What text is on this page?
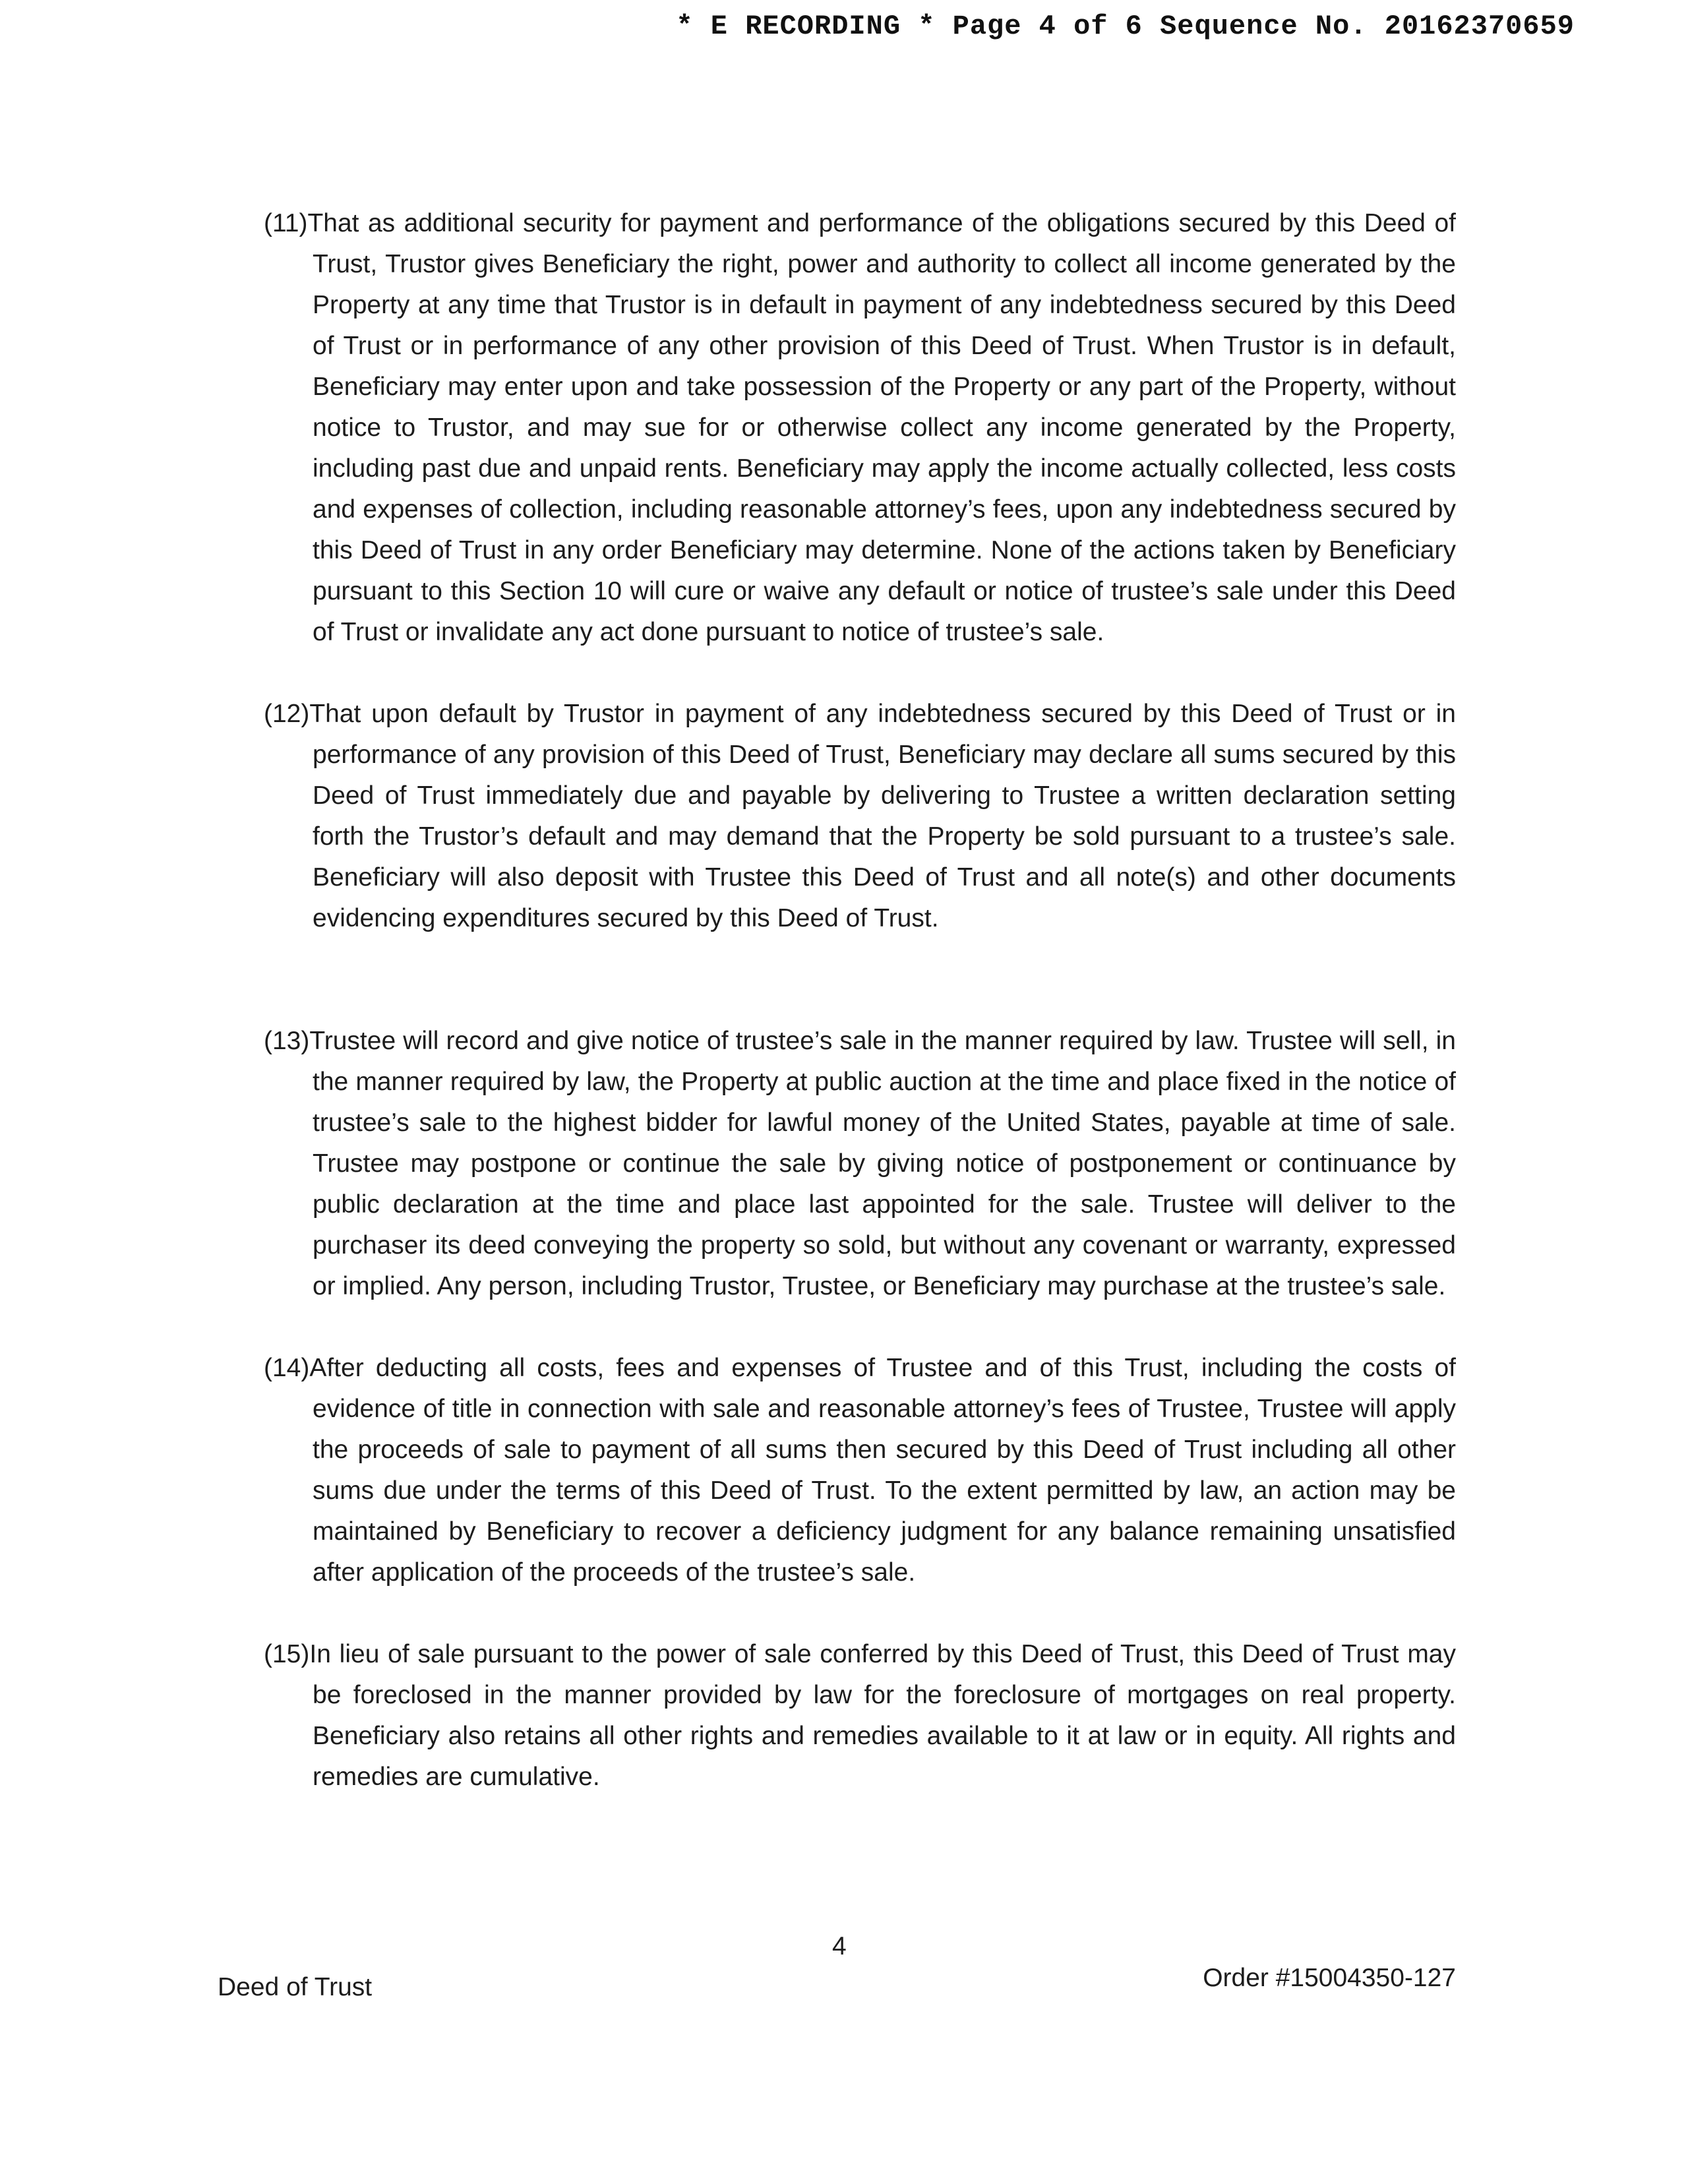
* E RECORDING * Page 4 of 6 Sequence No. 20162370659

(11)That as additional security for payment and performance of the obligations secured by this Deed of Trust, Trustor gives Beneficiary the right, power and authority to collect all income generated by the Property at any time that Trustor is in default in payment of any indebtedness secured by this Deed of Trust or in performance of any other provision of this Deed of Trust. When Trustor is in default, Beneficiary may enter upon and take possession of the Property or any part of the Property, without notice to Trustor, and may sue for or otherwise collect any income generated by the Property, including past due and unpaid rents. Beneficiary may apply the income actually collected, less costs and expenses of collection, including reasonable attorney’s fees, upon any indebtedness secured by this Deed of Trust in any order Beneficiary may determine. None of the actions taken by Beneficiary pursuant to this Section 10 will cure or waive any default or notice of trustee’s sale under this Deed of Trust or invalidate any act done pursuant to notice of trustee’s sale.

(12)That upon default by Trustor in payment of any indebtedness secured by this Deed of Trust or in performance of any provision of this Deed of Trust, Beneficiary may declare all sums secured by this Deed of Trust immediately due and payable by delivering to Trustee a written declaration setting forth the Trustor’s default and may demand that the Property be sold pursuant to a trustee’s sale. Beneficiary will also deposit with Trustee this Deed of Trust and all note(s) and other documents evidencing expenditures secured by this Deed of Trust.

(13)Trustee will record and give notice of trustee’s sale in the manner required by law. Trustee will sell, in the manner required by law, the Property at public auction at the time and place fixed in the notice of trustee’s sale to the highest bidder for lawful money of the United States, payable at time of sale. Trustee may postpone or continue the sale by giving notice of postponement or continuance by public declaration at the time and place last appointed for the sale. Trustee will deliver to the purchaser its deed conveying the property so sold, but without any covenant or warranty, expressed or implied. Any person, including Trustor, Trustee, or Beneficiary may purchase at the trustee’s sale.

(14)After deducting all costs, fees and expenses of Trustee and of this Trust, including the costs of evidence of title in connection with sale and reasonable attorney’s fees of Trustee, Trustee will apply the proceeds of sale to payment of all sums then secured by this Deed of Trust including all other sums due under the terms of this Deed of Trust. To the extent permitted by law, an action may be maintained by Beneficiary to recover a deficiency judgment for any balance remaining unsatisfied after application of the proceeds of the trustee’s sale.

(15)In lieu of sale pursuant to the power of sale conferred by this Deed of Trust, this Deed of Trust may be foreclosed in the manner provided by law for the foreclosure of mortgages on real property. Beneficiary also retains all other rights and remedies available to it at law or in equity. All rights and remedies are cumulative.

4
Deed of Trust	Order #15004350-127
